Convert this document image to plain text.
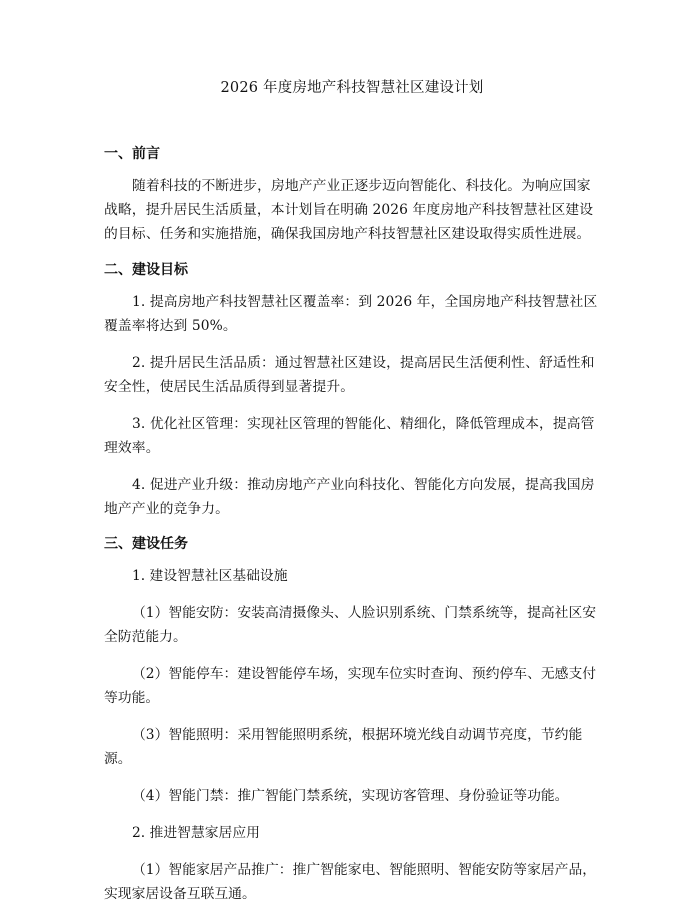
2026 年度房地产科技智慧社区建设计划
一、前言

随着科技的不断进步，房地产产业正逐步迈向智能化、科技化。为响应国家战略，提升居民生活质量，本计划旨在明确 2026 年度房地产科技智慧社区建设的目标、任务和实施措施，确保我国房地产科技智慧社区建设取得实质性进展。

二、建设目标

1. 提高房地产科技智慧社区覆盖率：到 2026 年，全国房地产科技智慧社区覆盖率将达到 50%。

2. 提升居民生活品质：通过智慧社区建设，提高居民生活便利性、舒适性和安全性，使居民生活品质得到显著提升。

3. 优化社区管理：实现社区管理的智能化、精细化，降低管理成本，提高管理效率。

4. 促进产业升级：推动房地产产业向科技化、智能化方向发展，提高我国房地产产业的竞争力。

三、建设任务

1. 建设智慧社区基础设施

（1）智能安防：安装高清摄像头、人脸识别系统、门禁系统等，提高社区安全防范能力。

（2）智能停车：建设智能停车场，实现车位实时查询、预约停车、无感支付等功能。

（3）智能照明：采用智能照明系统，根据环境光线自动调节亮度，节约能源。

（4）智能门禁：推广智能门禁系统，实现访客管理、身份验证等功能。

2. 推进智慧家居应用

（1）智能家居产品推广：推广智能家电、智能照明、智能安防等家居产品，实现家居设备互联互通。
